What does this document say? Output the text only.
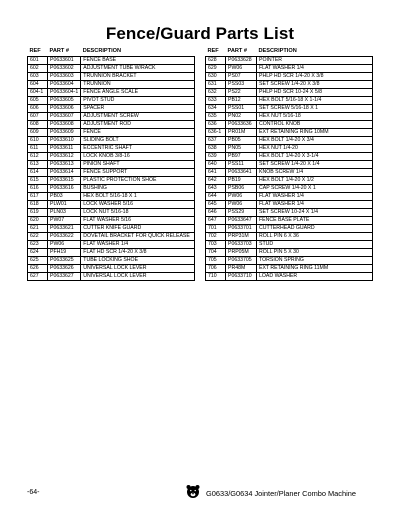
Fence/Guard Parts List
REF	PART #	DESCRIPTION
601	P0633601	FENCE BASE
602	P0633602	ADJUSTMENT TUBE W/RACK
603	P0633603	TRUNNION BRACKET
604	P0633604	TRUNNION
604-1	P0633604-1	FENCE ANGLE SCALE
605	P0633605	PIVOT STUD
606	P0633606	SPACER
607	P0633607	ADJUSTMENT SCREW
608	P0633608	ADJUSTMENT ROD
609	P0633609	FENCE
610	P0633610	SLIDING BOLT
611	P0633611	ECCENTRIC SHAFT
612	P0633612	LOCK KNOB 3/8-16
613	P0633613	PINION SHAFT
614	P0633614	FENCE SUPPORT
615	P0633615	PLASTIC PROTECTION SHOE
616	P0633616	BUSHING
617	PB03	HEX BOLT 5/16-18 X 1
618	PLW01	LOCK WASHER 5/16
619	PLN03	LOCK NUT 5/16-18
620	PW07	FLAT WASHER 5/16
621	P0633621	CUTTER KNIFE GUARD
622	P0633622	DOVETAIL BRACKET FOR QUICK RELEASE
623	PW06	FLAT WASHER 1/4
624	PFH19	FLAT HD SCR 1/4-20 X 3/8
625	P0633625	TUBE LOCKING SHOE
626	P0633626	UNIVERSAL LOCK LEVER
627	P0633627	UNIVERSAL LOCK LEVER
REF	PART #	DESCRIPTION
628	P0633628	POINTER
629	PW06	FLAT WASHER 1/4
630	PS07	PHLP HD SCR 1/4-20 X 3/8
631	PSS03	SET SCREW 1/4-20 X 3/8
632	PS22	PHLP HD SCR 10-24 X 5/8
633	PB12	HEX BOLT 5/16-18 X 1-1/4
634	PSS01	SET SCREW 5/16-18 X 1
635	PN02	HEX NUT 5/16-18
636	P0633636	CONTROL KNOB
636-1	PR01M	EXT RETAINING RING 10MM
637	PB05	HEX BOLT 1/4-20 X 3/4
638	PN05	HEX NUT 1/4-20
639	PB97	HEX BOLT 1/4-20 X 3-1/4
640	PSS11	SET SCREW 1/4-20 X 1/4
641	P0633641	KNOB SCREW 1/4
642	PB19	HEX BOLT 1/4-20 X 1/2
643	PSB06	CAP SCREW 1/4-20 X 1
644	PW06	FLAT WASHER 1/4
645	PW06	FLAT WASHER 1/4
646	PSS29	SET SCREW 10-24 X 1/4
647	P0633647	FENCE BASE PLATE
701	P0633701	CUTTERHEAD GUARD
702	PRP31M	ROLL PIN 6 X 36
703	P0633703	STUD
704	PRP05M	ROLL PIN 5 X 30
705	P0633705	TORSION SPRING
706	PR48M	EXT RETAINING RING 11MM
710	P0633710	LOAD WASHER
-64-	G0633/G0634 Jointer/Planer Combo Machine
